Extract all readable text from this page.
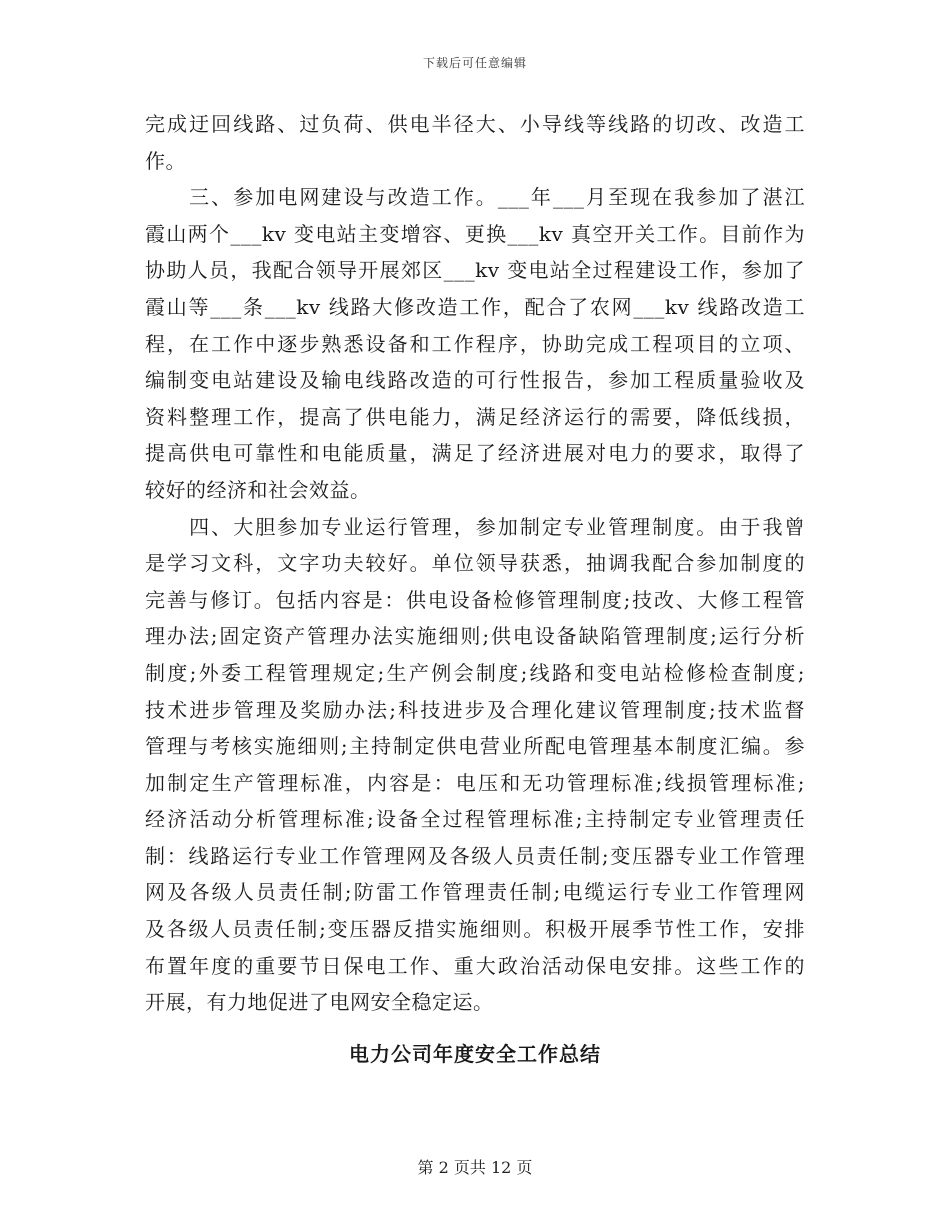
下载后可任意编辑
完成迂回线路、过负荷、供电半径大、小导线等线路的切改、改造工
作。
　　三、参加电网建设与改造工作。___年___月至现在我参加了湛江
霞山两个___kv 变电站主变增容、更换___kv 真空开关工作。目前作为
协助人员，我配合领导开展郊区___kv 变电站全过程建设工作，参加了
霞山等___条___kv 线路大修改造工作，配合了农网___kv 线路改造工
程，在工作中逐步熟悉设备和工作程序，协助完成工程项目的立项、
编制变电站建设及输电线路改造的可行性报告，参加工程质量验收及
资料整理工作，提高了供电能力，满足经济运行的需要，降低线损，
提高供电可靠性和电能质量，满足了经济进展对电力的要求，取得了
较好的经济和社会效益。
　　四、大胆参加专业运行管理，参加制定专业管理制度。由于我曾
是学习文科，文字功夫较好。单位领导获悉，抽调我配合参加制度的
完善与修订。包括内容是：供电设备检修管理制度;技改、大修工程管
理办法;固定资产管理办法实施细则;供电设备缺陷管理制度;运行分析
制度;外委工程管理规定;生产例会制度;线路和变电站检修检查制度;
技术进步管理及奖励办法;科技进步及合理化建议管理制度;技术监督
管理与考核实施细则;主持制定供电营业所配电管理基本制度汇编。参
加制定生产管理标准，内容是：电压和无功管理标准;线损管理标准;
经济活动分析管理标准;设备全过程管理标准;主持制定专业管理责任
制：线路运行专业工作管理网及各级人员责任制;变压器专业工作管理
网及各级人员责任制;防雷工作管理责任制;电缆运行专业工作管理网
及各级人员责任制;变压器反措实施细则。积极开展季节性工作，安排
布置年度的重要节日保电工作、重大政治活动保电安排。这些工作的
开展，有力地促进了电网安全稳定运。
电力公司年度安全工作总结
第 2 页共 12 页
